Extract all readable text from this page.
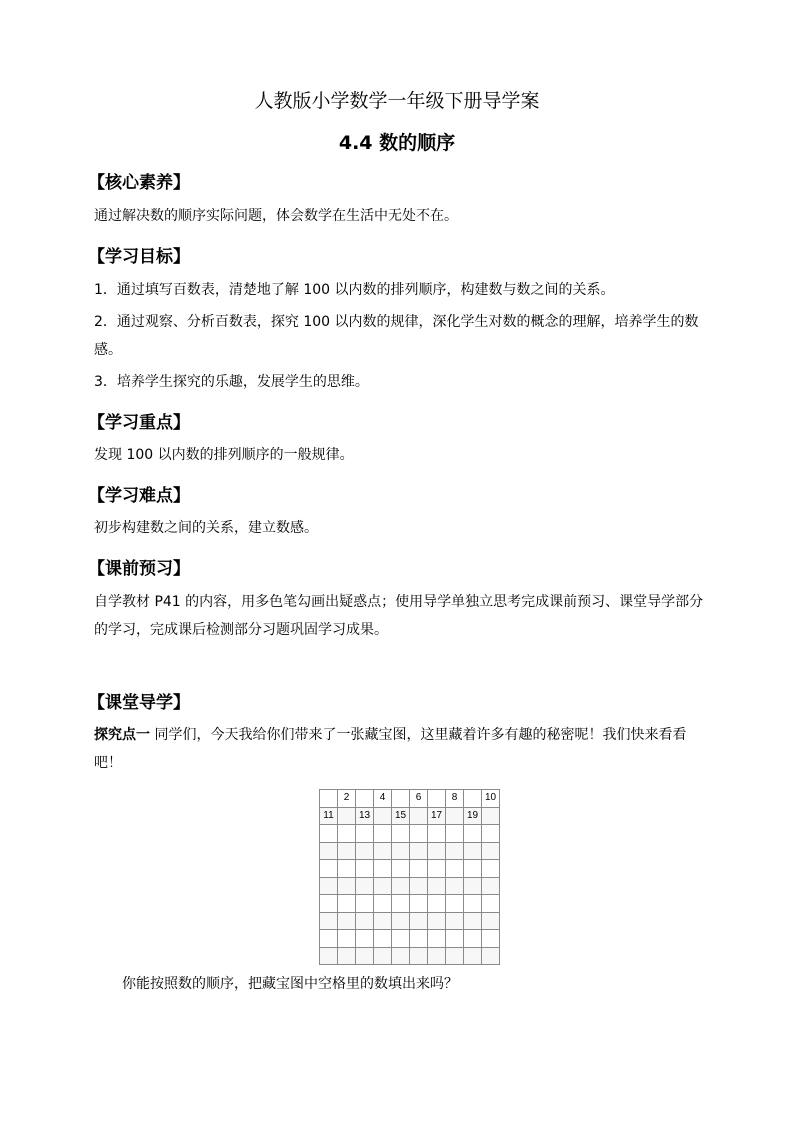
人教版小学数学一年级下册导学案
4.4 数的顺序
【核心素养】
通过解决数的顺序实际问题，体会数学在生活中无处不在。
【学习目标】
1．通过填写百数表，清楚地了解 100 以内数的排列顺序，构建数与数之间的关系。
2．通过观察、分析百数表，探究 100 以内数的规律，深化学生对数的概念的理解，培养学生的数感。
3．培养学生探究的乐趣，发展学生的思维。
【学习重点】
发现 100 以内数的排列顺序的一般规律。
【学习难点】
初步构建数之间的关系，建立数感。
【课前预习】
自学教材 P41 的内容，用多色笔勾画出疑惑点；使用导学单独立思考完成课前预习、课堂导学部分的学习，完成课后检测部分习题巩固学习成果。
【课堂导学】
探究点一 同学们，今天我给你们带来了一张藏宝图，这里藏着许多有趣的秘密呢！我们快来看看吧！
	2		4		6		8		10
11		13		15		17		19	

你能按照数的顺序，把藏宝图中空格里的数填出来吗？
